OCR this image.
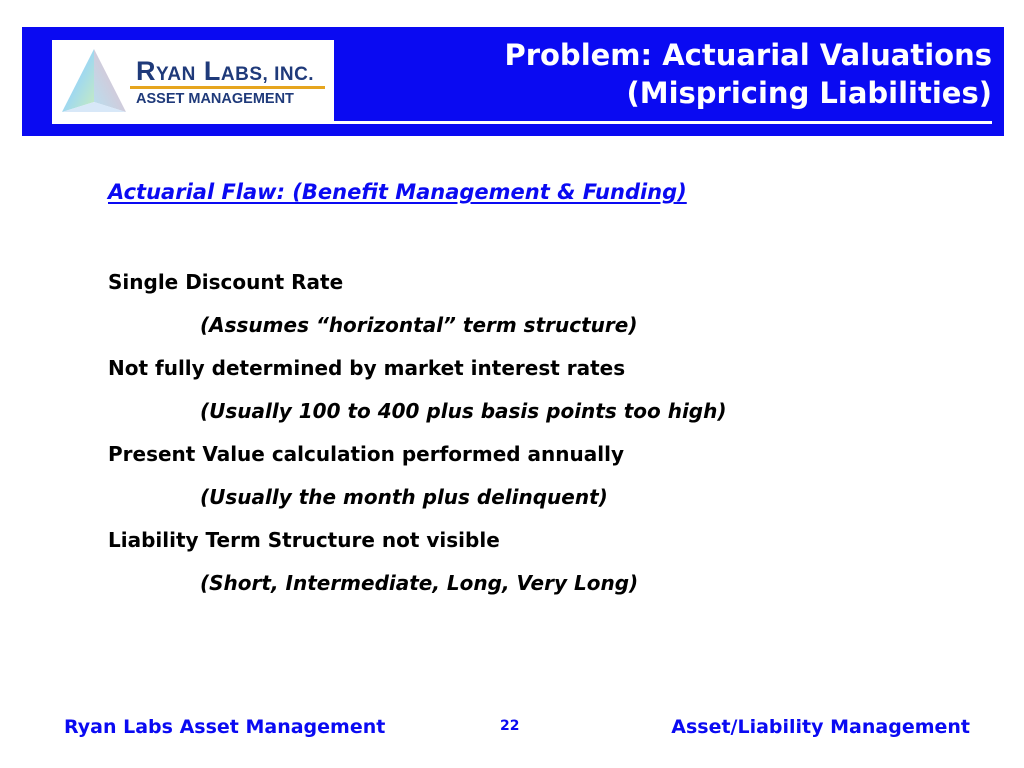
RYAN LABS, INC.
ASSET MANAGEMENT
Problem: Actuarial Valuations
(Mispricing Liabilities)
Actuarial Flaw: (Benefit Management & Funding)

Single Discount Rate

(Assumes “horizontal” term structure)

Not fully determined by market interest rates

(Usually 100 to 400 plus basis points too high)

Present Value calculation performed annually

(Usually the month plus delinquent)

Liability Term Structure not visible

(Short, Intermediate, Long, Very Long)

Ryan Labs Asset Management	22	Asset/Liability Management
